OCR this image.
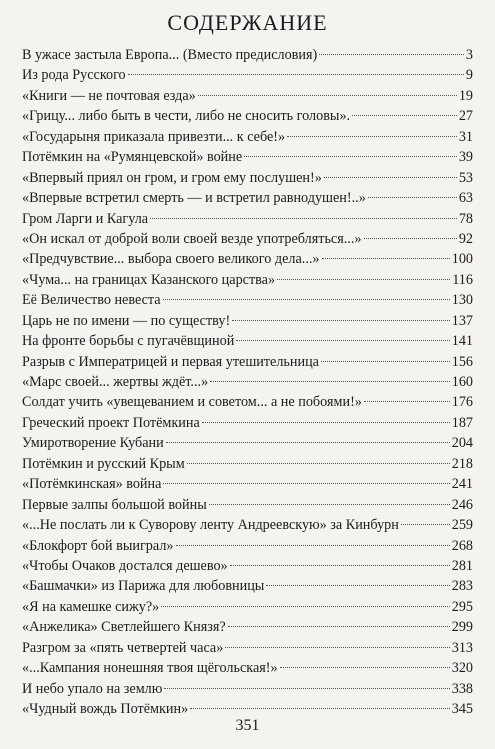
СОДЕРЖАНИЕ
В ужасе застыла Европа... (Вместо предисловия)	3
Из рода Русского	9
«Книги — не почтовая езда»	19
«Грицу... либо быть в чести, либо не сносить головы».	27
«Государыня приказала привезти... к себе!»	31
Потёмкин на «Румянцевской» войне	39
«Впервый приял он гром, и гром ему послушен!»	53
«Впервые встретил смерть — и встретил равнодушен!..»	63
Гром Ларги и Кагула	78
«Он искал от доброй воли своей везде употребляться...»	92
«Предчувствие... выбора своего великого дела...»	100
«Чума... на границах Казанского царства»	116
Её Величество невеста	130
Царь не по имени — по существу!	137
На фронте борьбы с пугачёвщиной	141
Разрыв с Императрицей и первая утешительница	156
«Марс своей... жертвы ждёт...»	160
Солдат учить «увещеванием и советом... а не побоями!»	176
Греческий проект Потёмкина	187
Умиротворение Кубани	204
Потёмкин и русский Крым	218
«Потёмкинская» война	241
Первые залпы большой войны	246
«...Не послать ли к Суворову ленту Андреевскую» за Кинбурн	259
«Блокфорт бой выиграл»	268
«Чтобы Очаков достался дешево»	281
«Башмачки» из Парижа для любовницы	283
«Я на камешке сижу?»	295
«Анжелика» Светлейшего Князя?	299
Разгром за «пять четвертей часа»	313
«...Кампания нонешняя твоя щёгольская!»	320
И небо упало на землю	338
«Чудный вождь Потёмкин»	345
351
